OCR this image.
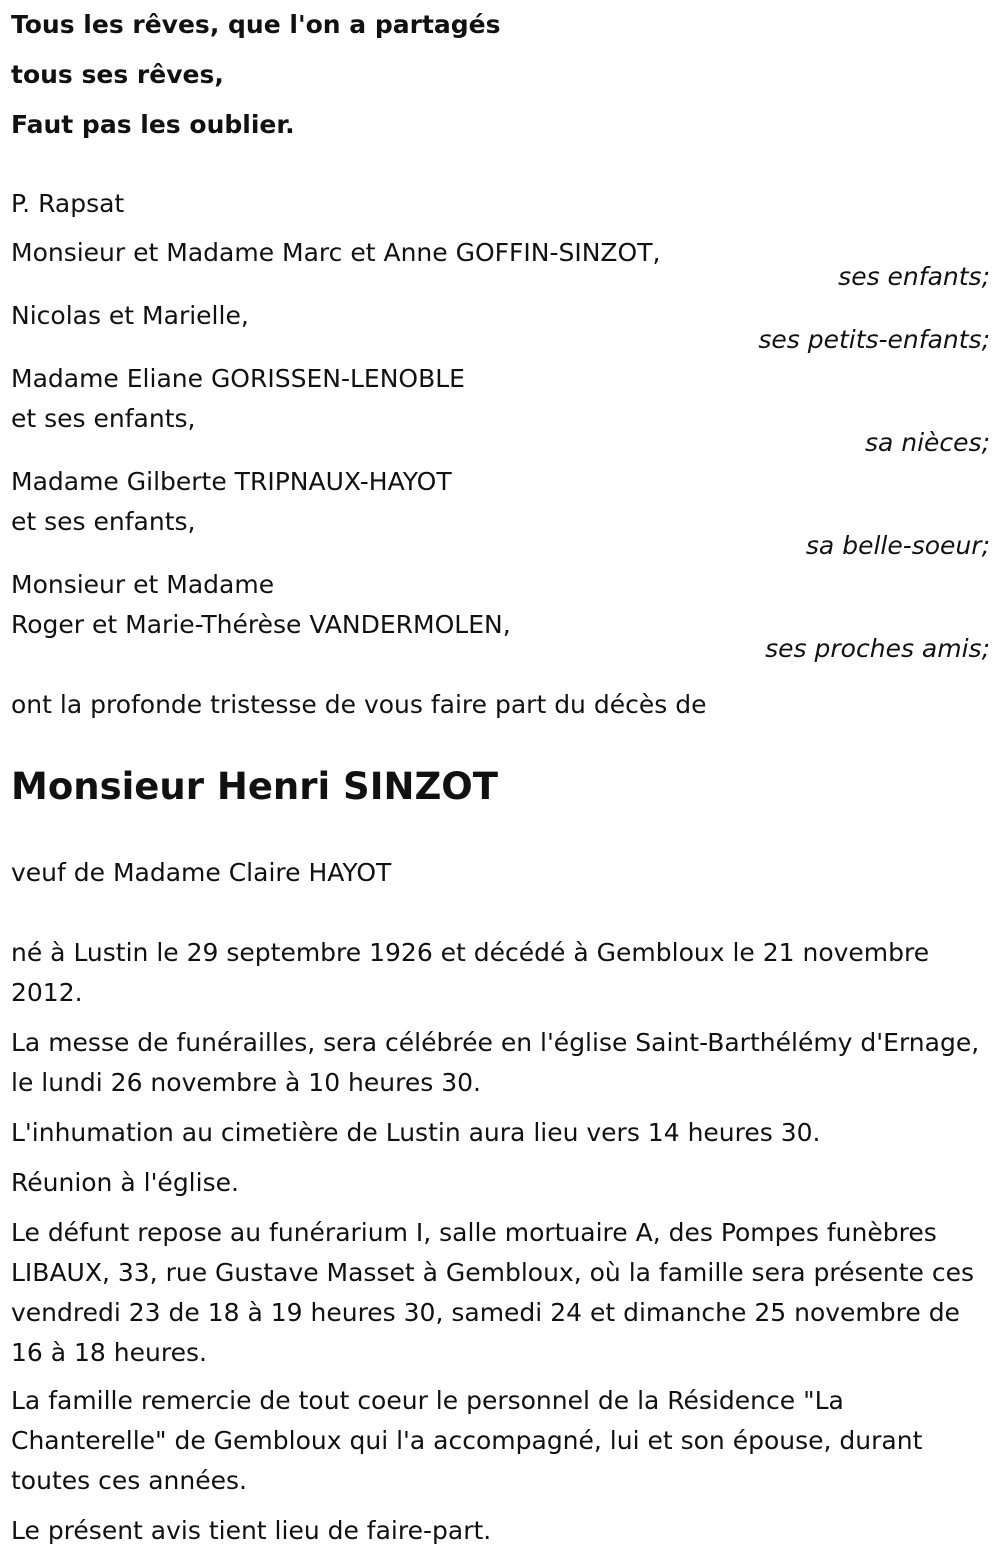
Tous les rêves, que l'on a partagés
tous ses rêves,
Faut pas les oublier.
P. Rapsat
Monsieur et Madame Marc et Anne GOFFIN-SINZOT,
ses enfants;
Nicolas et Marielle,
ses petits-enfants;
Madame Eliane GORISSEN-LENOBLE
et ses enfants,
sa nièces;
Madame Gilberte TRIPNAUX-HAYOT
et ses enfants,
sa belle-soeur;
Monsieur et Madame
Roger et Marie-Thérèse VANDERMOLEN,
ses proches amis;
ont la profonde tristesse de vous faire part du décès de
Monsieur Henri SINZOT
veuf de Madame Claire HAYOT
né à Lustin le 29 septembre 1926 et décédé à Gembloux le 21 novembre 2012.
La messe de funérailles, sera célébrée en l'église Saint-Barthélémy d'Ernage, le lundi 26 novembre à 10 heures 30.
L'inhumation au cimetière de Lustin aura lieu vers 14 heures 30.
Réunion à l'église.
Le défunt repose au funérarium I, salle mortuaire A, des Pompes funèbres LIBAUX, 33, rue Gustave Masset à Gembloux, où la famille sera présente ces vendredi 23 de 18 à 19 heures 30, samedi 24 et dimanche 25 novembre de 16 à 18 heures.
La famille remercie de tout coeur le personnel de la Résidence "La Chanterelle" de Gembloux qui l'a accompagné, lui et son épouse, durant toutes ces années.
Le présent avis tient lieu de faire-part.
